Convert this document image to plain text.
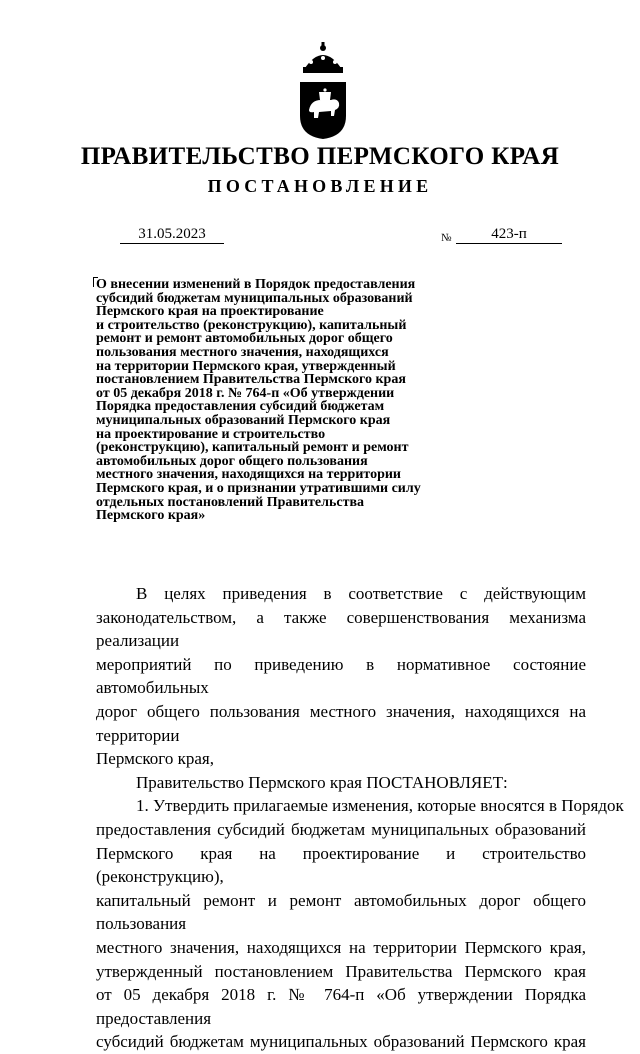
ПРАВИТЕЛЬСТВО ПЕРМСКОГО КРАЯ
ПОСТАНОВЛЕНИЕ
31.05.2023	№	423-п
О внесении изменений в Порядок предоставления
субсидий бюджетам муниципальных образований
Пермского края на проектирование
и строительство (реконструкцию), капитальный
ремонт и ремонт автомобильных дорог общего
пользования местного значения, находящихся
на территории Пермского края, утвержденный
постановлением Правительства Пермского края
от 05 декабря 2018 г. № 764-п «Об утверждении
Порядка предоставления субсидий бюджетам
муниципальных образований Пермского края
на проектирование и строительство
(реконструкцию), капитальный ремонт и ремонт
автомобильных дорог общего пользования
местного значения, находящихся на территории
Пермского края, и о признании утратившими силу
отдельных постановлений Правительства
Пермского края»
В целях приведения в соответствие с действующим
законодательством, а также совершенствования механизма реализации
мероприятий по приведению в нормативное состояние автомобильных
дорог общего пользования местного значения, находящихся на территории
Пермского края,
Правительство Пермского края ПОСТАНОВЛЯЕТ:
1. Утвердить прилагаемые изменения, которые вносятся в Порядок
предоставления субсидий бюджетам муниципальных образований
Пермского края на проектирование и строительство (реконструкцию),
капитальный ремонт и ремонт автомобильных дорог общего пользования
местного значения, находящихся на территории Пермского края,
утвержденный постановлением Правительства Пермского края
от 05 декабря 2018 г. № 764-п «Об утверждении Порядка предоставления
субсидий бюджетам муниципальных образований Пермского края
